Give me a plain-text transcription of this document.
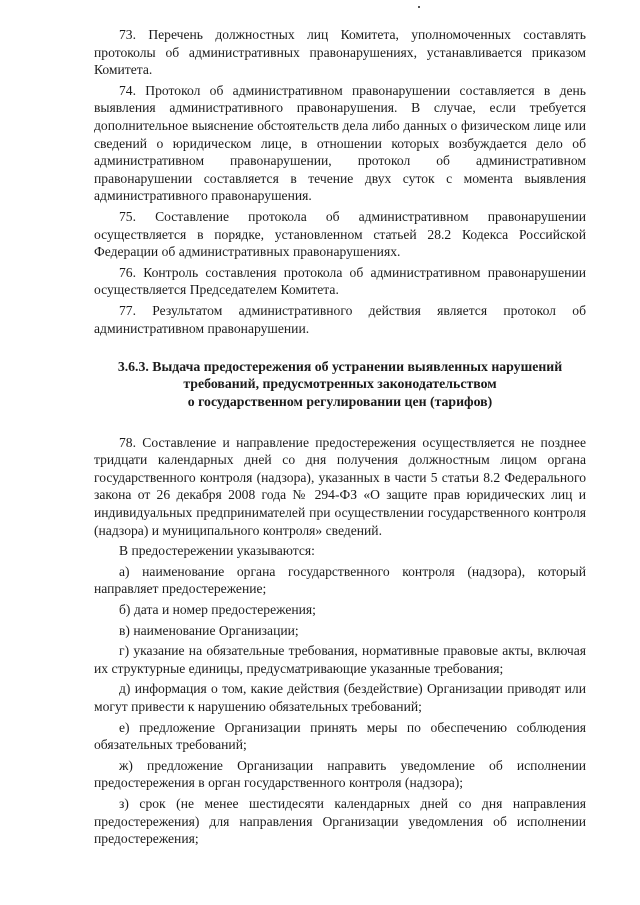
73. Перечень должностных лиц Комитета, уполномоченных составлять протоколы об административных правонарушениях, устанавливается приказом Комитета.

74. Протокол об административном правонарушении составляется в день выявления административного правонарушения. В случае, если требуется дополнительное выяснение обстоятельств дела либо данных о физическом лице или сведений о юридическом лице, в отношении которых возбуждается дело об административном правонарушении, протокол об административном правонарушении составляется в течение двух суток с момента выявления административного правонарушения.

75. Составление протокола об административном правонарушении осуществляется в порядке, установленном статьей 28.2 Кодекса Российской Федерации об административных правонарушениях.

76. Контроль составления протокола об административном правонарушении осуществляется Председателем Комитета.

77. Результатом административного действия является протокол об административном правонарушении.

3.6.3. Выдача предостережения об устранении выявленных нарушений
требований, предусмотренных законодательством
о государственном регулировании цен (тарифов)

78. Составление и направление предостережения осуществляется не позднее тридцати календарных дней со дня получения должностным лицом органа государственного контроля (надзора), указанных в части 5 статьи 8.2 Федерального закона от 26 декабря 2008 года № 294-ФЗ «О защите прав юридических лиц и индивидуальных предпринимателей при осуществлении государственного контроля (надзора) и муниципального контроля» сведений.

В предостережении указываются:

а) наименование органа государственного контроля (надзора), который направляет предостережение;

б) дата и номер предостережения;

в) наименование Организации;

г) указание на обязательные требования, нормативные правовые акты, включая их структурные единицы, предусматривающие указанные требования;

д) информация о том, какие действия (бездействие) Организации приводят или могут привести к нарушению обязательных требований;

е) предложение Организации принять меры по обеспечению соблюдения обязательных требований;

ж) предложение Организации направить уведомление об исполнении предостережения в орган государственного контроля (надзора);

з) срок (не менее шестидесяти календарных дней со дня направления предостережения) для направления Организации уведомления об исполнении предостережения;
